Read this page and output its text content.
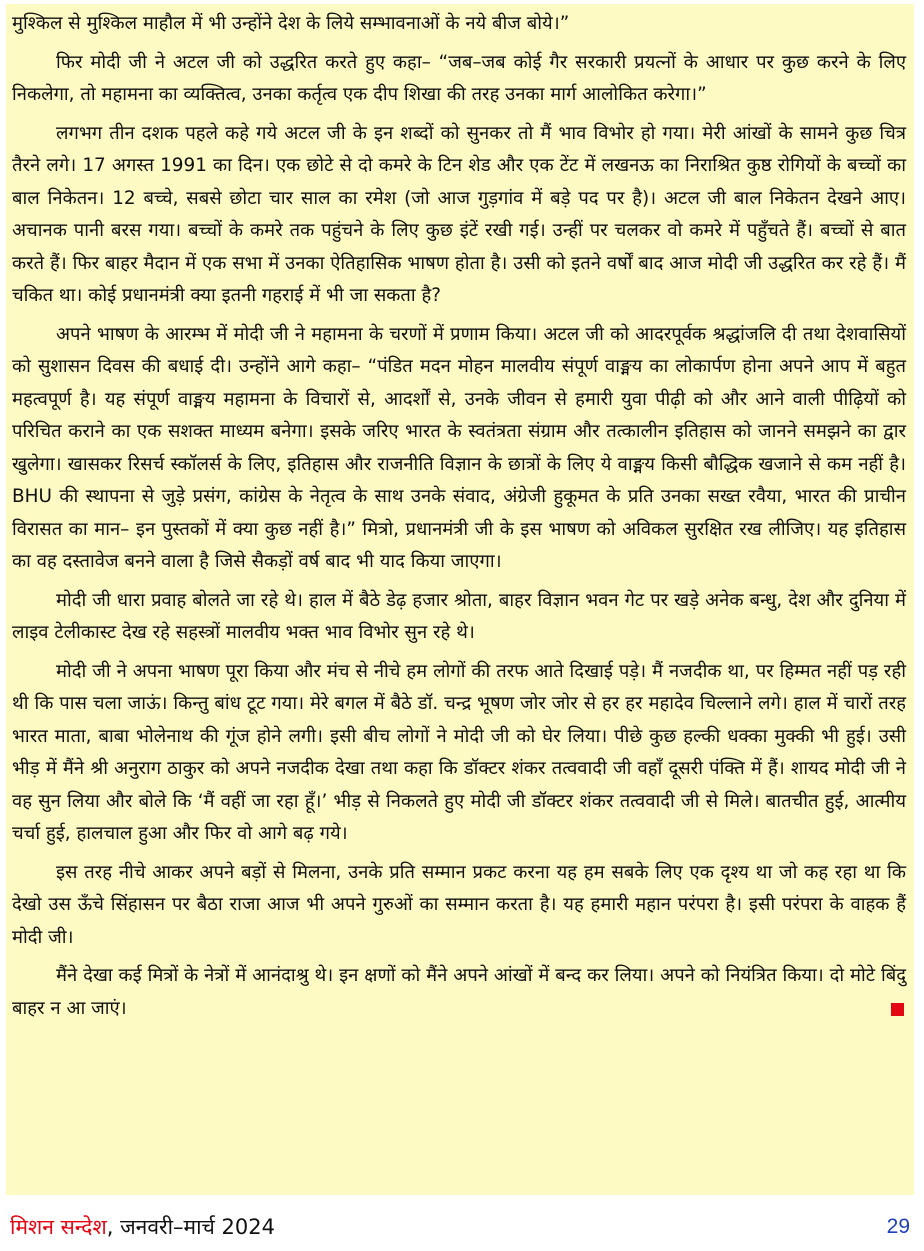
मुश्किल से मुश्किल माहौल में भी उन्होंने देश के लिये सम्भावनाओं के नये बीज बोये।”

फिर मोदी जी ने अटल जी को उद्धरित करते हुए कहा– “जब–जब कोई गैर सरकारी प्रयत्नों के आधार पर कुछ करने के लिए निकलेगा, तो महामना का व्यक्तित्व, उनका कर्तृत्व एक दीप शिखा की तरह उनका मार्ग आलोकित करेगा।”

लगभग तीन दशक पहले कहे गये अटल जी के इन शब्दों को सुनकर तो मैं भाव विभोर हो गया। मेरी आंखों के सामने कुछ चित्र तैरने लगे। 17 अगस्त 1991 का दिन। एक छोटे से दो कमरे के टिन शेड और एक टेंट में लखनऊ का निराश्रित कुष्ठ रोगियों के बच्चों का बाल निकेतन। 12 बच्चे, सबसे छोटा चार साल का रमेश (जो आज गुड़गांव में बड़े पद पर है)। अटल जी बाल निकेतन देखने आए। अचानक पानी बरस गया। बच्चों के कमरे तक पहुंचने के लिए कुछ इंटें रखी गई। उन्हीं पर चलकर वो कमरे में पहुँचते हैं। बच्चों से बात करते हैं। फिर बाहर मैदान में एक सभा में उनका ऐतिहासिक भाषण होता है। उसी को इतने वर्षों बाद आज मोदी जी उद्धरित कर रहे हैं। मैं चकित था। कोई प्रधानमंत्री क्या इतनी गहराई में भी जा सकता है?

अपने भाषण के आरम्भ में मोदी जी ने महामना के चरणों में प्रणाम किया। अटल जी को आदरपूर्वक श्रद्धांजलि दी तथा देशवासियों को सुशासन दिवस की बधाई दी। उन्होंने आगे कहा– “पंडित मदन मोहन मालवीय संपूर्ण वाङ्मय का लोकार्पण होना अपने आप में बहुत महत्वपूर्ण है। यह संपूर्ण वाङ्मय महामना के विचारों से, आदर्शों से, उनके जीवन से हमारी युवा पीढ़ी को और आने वाली पीढ़ियों को परिचित कराने का एक सशक्त माध्यम बनेगा। इसके जरिए भारत के स्वतंत्रता संग्राम और तत्कालीन इतिहास को जानने समझने का द्वार खुलेगा। खासकर रिसर्च स्कॉलर्स के लिए, इतिहास और राजनीति विज्ञान के छात्रों के लिए ये वाङ्मय किसी बौद्धिक खजाने से कम नहीं है। BHU की स्थापना से जुड़े प्रसंग, कांग्रेस के नेतृत्व के साथ उनके संवाद, अंग्रेजी हुकूमत के प्रति उनका सख्त रवैया, भारत की प्राचीन विरासत का मान– इन पुस्तकों में क्या कुछ नहीं है।” मित्रो, प्रधानमंत्री जी के इस भाषण को अविकल सुरक्षित रख लीजिए। यह इतिहास का वह दस्तावेज बनने वाला है जिसे सैकड़ों वर्ष बाद भी याद किया जाएगा।

मोदी जी धारा प्रवाह बोलते जा रहे थे। हाल में बैठे डेढ़ हजार श्रोता, बाहर विज्ञान भवन गेट पर खड़े अनेक बन्धु, देश और दुनिया में लाइव टेलीकास्ट देख रहे सहस्त्रों मालवीय भक्त भाव विभोर सुन रहे थे।

मोदी जी ने अपना भाषण पूरा किया और मंच से नीचे हम लोगों की तरफ आते दिखाई पड़े। मैं नजदीक था, पर हिम्मत नहीं पड़ रही थी कि पास चला जाऊं। किन्तु बांध टूट गया। मेरे बगल में बैठे डॉ. चन्द्र भूषण जोर जोर से हर हर महादेव चिल्लाने लगे। हाल में चारों तरह भारत माता, बाबा भोलेनाथ की गूंज होने लगी। इसी बीच लोगों ने मोदी जी को घेर लिया। पीछे कुछ हल्की धक्का मुक्की भी हुई। उसी भीड़ में मैंने श्री अनुराग ठाकुर को अपने नजदीक देखा तथा कहा कि डॉक्टर शंकर तत्ववादी जी वहाँ दूसरी पंक्ति में हैं। शायद मोदी जी ने वह सुन लिया और बोले कि ‘मैं वहीं जा रहा हूँ।’ भीड़ से निकलते हुए मोदी जी डॉक्टर शंकर तत्ववादी जी से मिले। बातचीत हुई, आत्मीय चर्चा हुई, हालचाल हुआ और फिर वो आगे बढ़ गये।

इस तरह नीचे आकर अपने बड़ों से मिलना, उनके प्रति सम्मान प्रकट करना यह हम सबके लिए एक दृश्य था जो कह रहा था कि देखो उस ऊँचे सिंहासन पर बैठा राजा आज भी अपने गुरुओं का सम्मान करता है। यह हमारी महान परंपरा है। इसी परंपरा के वाहक हैं मोदी जी।

मैंने देखा कई मित्रों के नेत्रों में आनंदाश्रु थे। इन क्षणों को मैंने अपने आंखों में बन्द कर लिया। अपने को नियंत्रित किया। दो मोटे बिंदु बाहर न आ जाएं।

मिशन सन्देश, जनवरी–मार्च 2024	29
